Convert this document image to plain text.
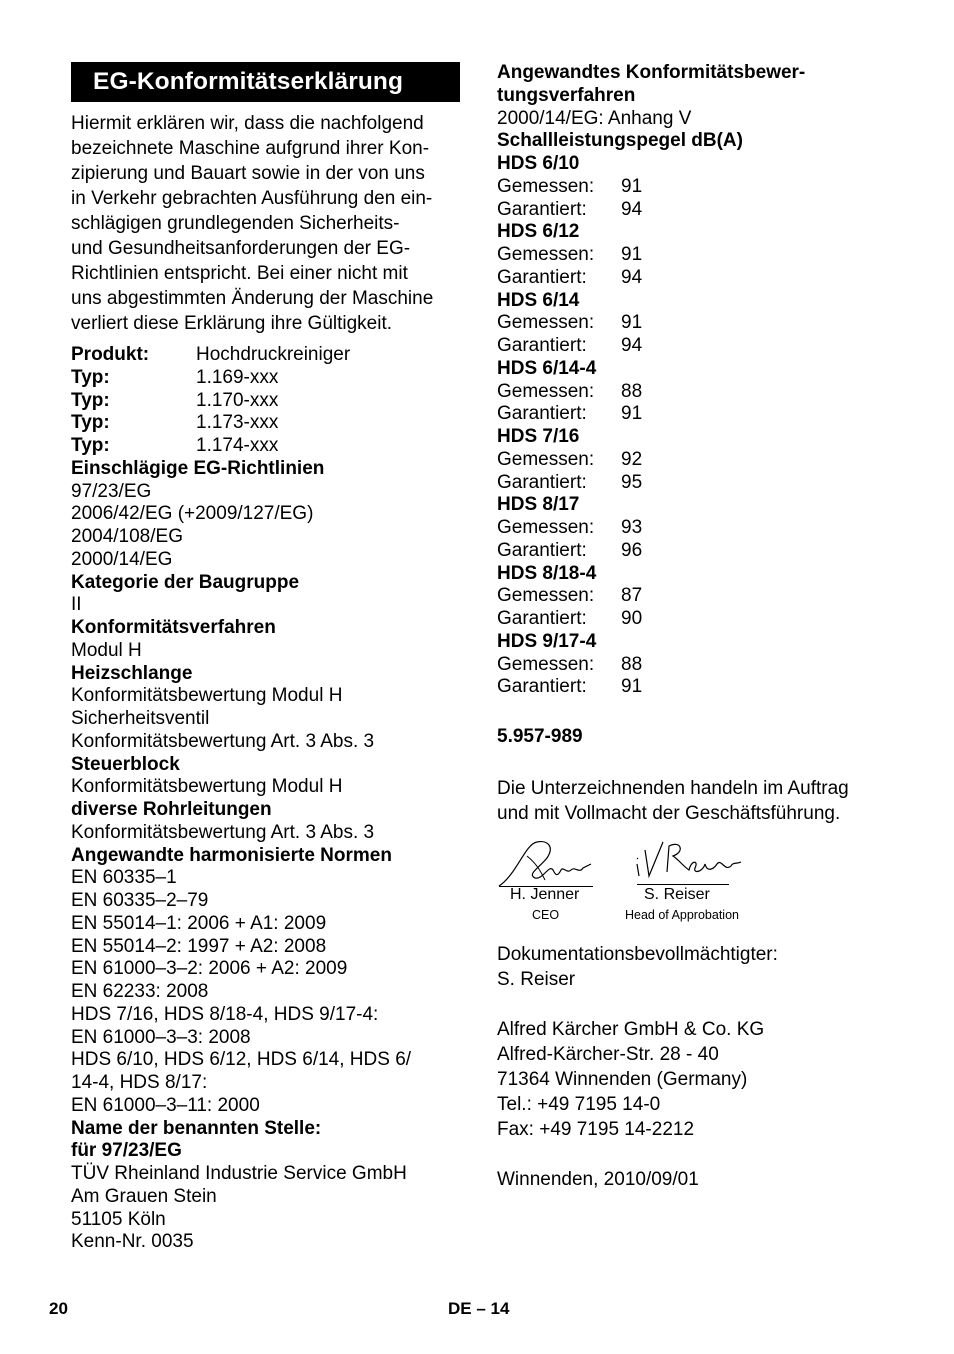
EG-Konformitätserklärung
Hiermit erklären wir, dass die nachfolgend
bezeichnete Maschine aufgrund ihrer Kon-
zipierung und Bauart sowie in der von uns
in Verkehr gebrachten Ausführung den ein-
schlägigen grundlegenden Sicherheits-
und Gesundheitsanforderungen der EG-
Richtlinien entspricht. Bei einer nicht mit
uns abgestimmten Änderung der Maschine
verliert diese Erklärung ihre Gültigkeit.
Produkt:	Hochdruckreiniger
Typ:	1.169-xxx
Typ:	1.170-xxx
Typ:	1.173-xxx
Typ:	1.174-xxx
Einschlägige EG-Richtlinien
97/23/EG
2006/42/EG (+2009/127/EG)
2004/108/EG
2000/14/EG
Kategorie der Baugruppe
II
Konformitätsverfahren
Modul H
Heizschlange
Konformitätsbewertung Modul H
Sicherheitsventil
Konformitätsbewertung Art. 3 Abs. 3
Steuerblock
Konformitätsbewertung Modul H
diverse Rohrleitungen
Konformitätsbewertung Art. 3 Abs. 3
Angewandte harmonisierte Normen
EN 60335–1
EN 60335–2–79
EN 55014–1: 2006 + A1: 2009
EN 55014–2: 1997 + A2: 2008
EN 61000–3–2: 2006 + A2: 2009
EN 62233: 2008
HDS 7/16, HDS 8/18-4, HDS 9/17-4:
EN 61000–3–3: 2008
HDS 6/10, HDS 6/12, HDS 6/14, HDS 6/
14-4, HDS 8/17:
EN 61000–3–11: 2000
Name der benannten Stelle:
für 97/23/EG
TÜV Rheinland Industrie Service GmbH
Am Grauen Stein
51105 Köln
Kenn-Nr. 0035
Angewandtes Konformitätsbewer-
tungsverfahren
2000/14/EG: Anhang V
Schallleistungspegel dB(A)
HDS 6/10
Gemessen:	91
Garantiert:	94
HDS 6/12
Gemessen:	91
Garantiert:	94
HDS 6/14
Gemessen:	91
Garantiert:	94
HDS 6/14-4
Gemessen:	88
Garantiert:	91
HDS 7/16
Gemessen:	92
Garantiert:	95
HDS 8/17
Gemessen:	93
Garantiert:	96
HDS 8/18-4
Gemessen:	87
Garantiert:	90
HDS 9/17-4
Gemessen:	88
Garantiert:	91
5.957-989
Die Unterzeichnenden handeln im Auftrag
und mit Vollmacht der Geschäftsführung.
H. Jenner
CEO
S. Reiser
Head of Approbation
Dokumentationsbevollmächtigter:
S. Reiser
Alfred Kärcher GmbH & Co. KG
Alfred-Kärcher-Str. 28 - 40
71364 Winnenden (Germany)
Tel.: +49 7195 14-0
Fax: +49 7195 14-2212
Winnenden, 2010/09/01
20	DE – 14
